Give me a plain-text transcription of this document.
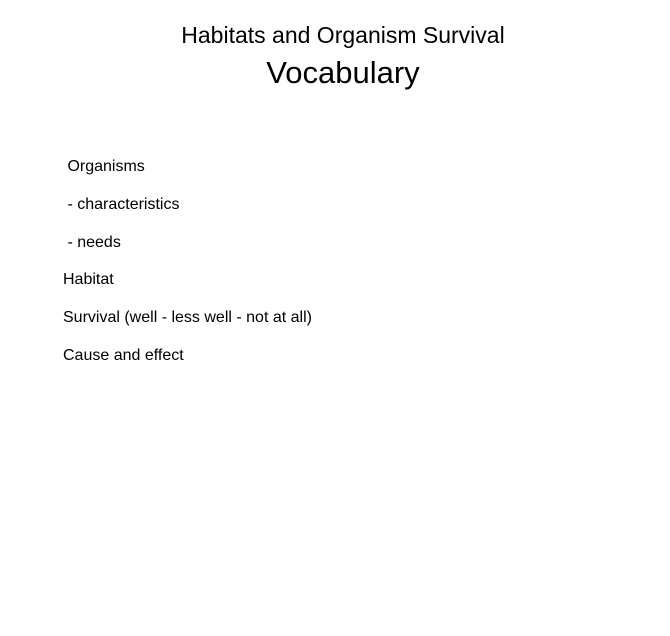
Habitats and Organism Survival
Vocabulary
Organisms
- characteristics
- needs
Habitat
Survival (well - less well - not at all)
Cause and effect
